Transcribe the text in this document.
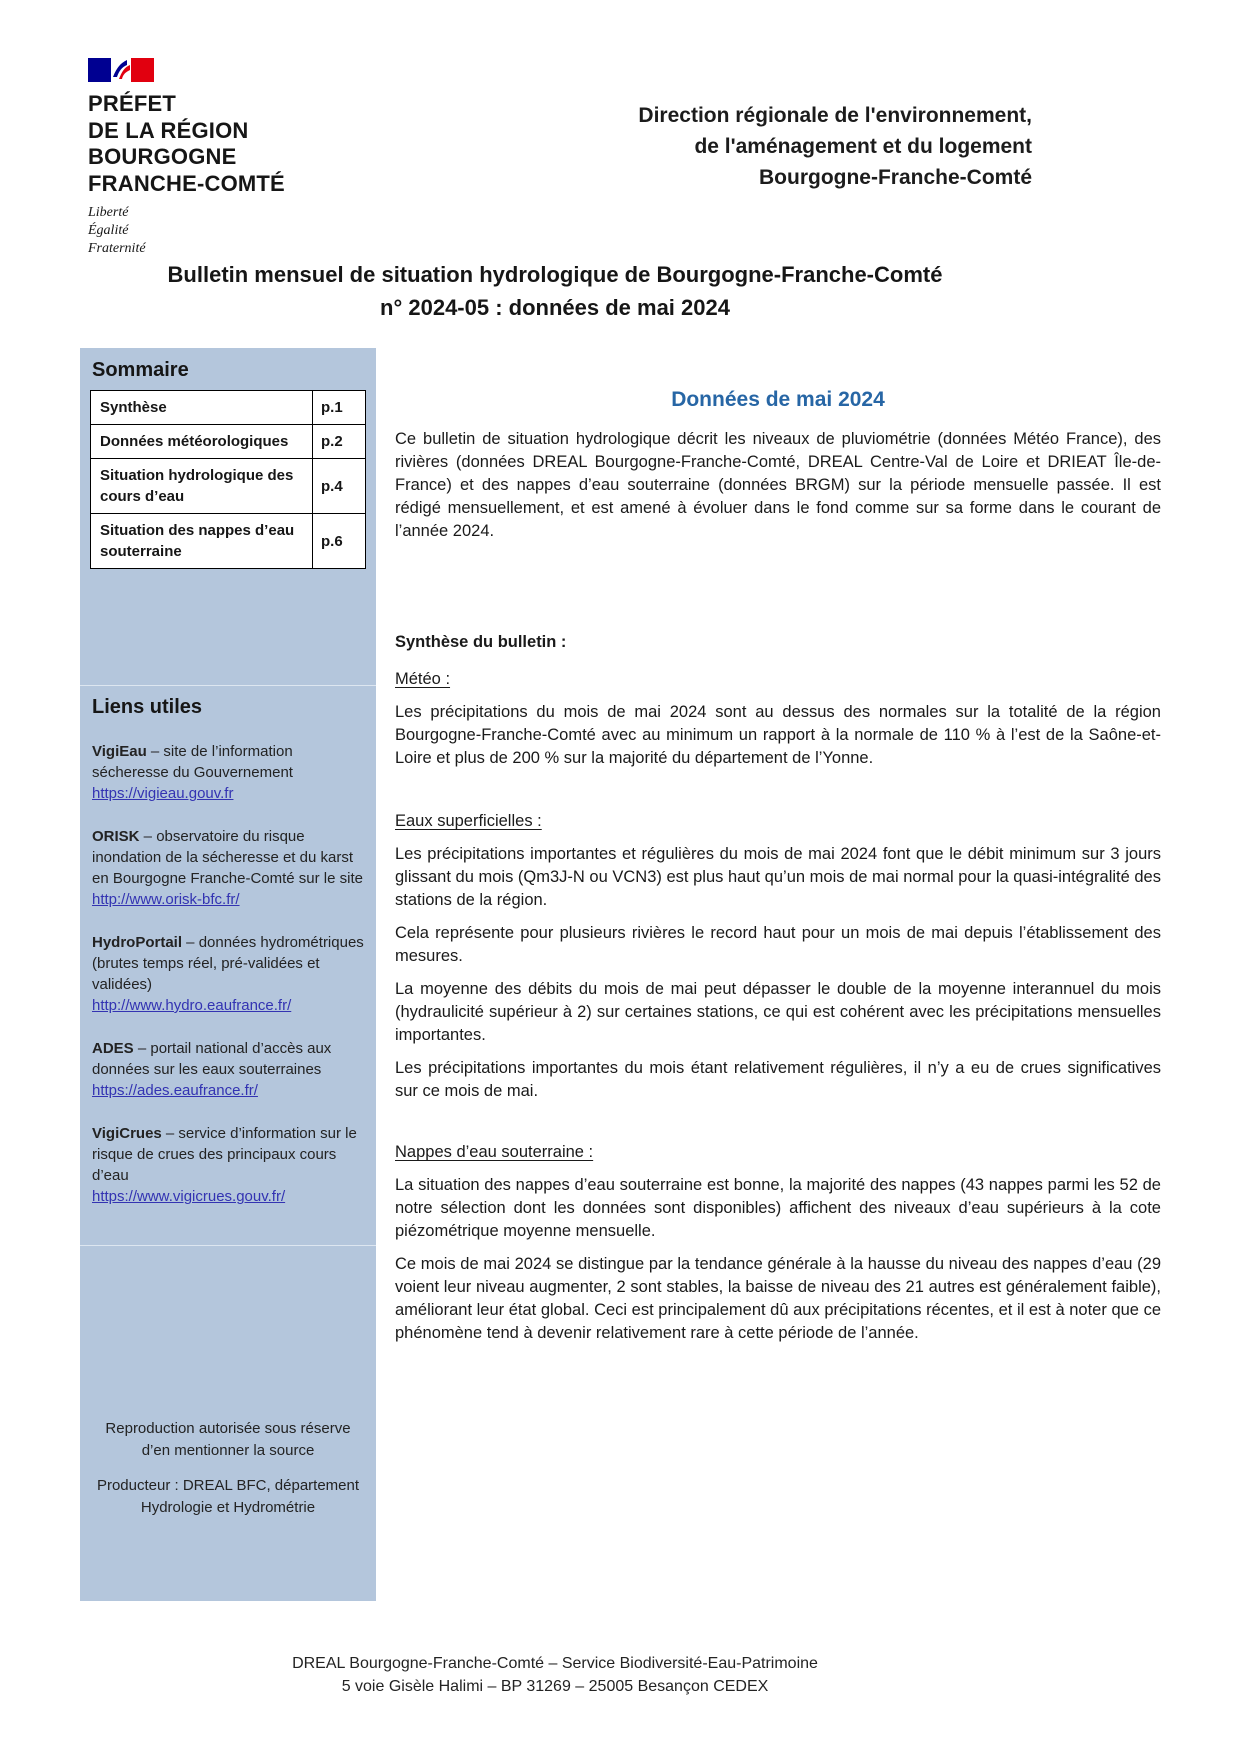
PRÉFET
DE LA RÉGION
BOURGOGNE
FRANCHE-COMTÉ
Liberté
Égalité
Fraternité
Direction régionale de l'environnement,
de l'aménagement et du logement
Bourgogne-Franche-Comté
Bulletin mensuel de situation hydrologique de Bourgogne-Franche-Comté
n° 2024-05 : données de mai 2024
Sommaire
Synthèse	p.1
Données météorologiques	p.2
Situation hydrologique des cours d’eau	p.4
Situation des nappes d’eau souterraine	p.6
Liens utiles
VigiEau – site de l’information sécheresse du Gouvernement
https://vigieau.gouv.fr
ORISK – observatoire du risque inondation de la sécheresse et du karst en Bourgogne Franche-Comté sur le site
http://www.orisk-bfc.fr/
HydroPortail – données hydrométriques (brutes temps réel, pré-validées et validées)
http://www.hydro.eaufrance.fr/
ADES – portail national d’accès aux données sur les eaux souterraines
https://ades.eaufrance.fr/
VigiCrues – service d’information sur le risque de crues des principaux cours d’eau
https://www.vigicrues.gouv.fr/
Reproduction autorisée sous réserve d’en mentionner la source
Producteur : DREAL BFC, département Hydrologie et Hydrométrie
Données de mai 2024

Ce bulletin de situation hydrologique décrit les niveaux de pluviométrie (données Météo France), des rivières (données DREAL Bourgogne-Franche-Comté, DREAL Centre-Val de Loire et DRIEAT Île-de-France) et des nappes d’eau souterraine (données BRGM) sur la période mensuelle passée. Il est rédigé mensuellement, et est amené à évoluer dans le fond comme sur sa forme dans le courant de l’année 2024.

Synthèse du bulletin :

Météo :

Les précipitations du mois de mai 2024 sont au dessus des normales sur la totalité de la région Bourgogne-Franche-Comté avec au minimum un rapport à la normale de 110 % à l’est de la Saône-et-Loire et plus de 200 % sur la majorité du département de l’Yonne.

Eaux superficielles :

Les précipitations importantes et régulières du mois de mai 2024 font que le débit minimum sur 3 jours glissant du mois (Qm3J-N ou VCN3) est plus haut qu’un mois de mai normal pour la quasi-intégralité des stations de la région.

Cela représente pour plusieurs rivières le record haut pour un mois de mai depuis l’établissement des mesures.

La moyenne des débits du mois de mai peut dépasser le double de la moyenne interannuel du mois (hydraulicité supérieur à 2) sur certaines stations, ce qui est cohérent avec les précipitations mensuelles importantes.

Les précipitations importantes du mois étant relativement régulières, il n’y a eu de crues significatives sur ce mois de mai.

Nappes d’eau souterraine :

La situation des nappes d’eau souterraine est bonne, la majorité des nappes (43 nappes parmi les 52 de notre sélection dont les données sont disponibles) affichent des niveaux d’eau supérieurs à la cote piézométrique moyenne mensuelle.

Ce mois de mai 2024 se distingue par la tendance générale à la hausse du niveau des nappes d’eau (29 voient leur niveau augmenter, 2 sont stables, la baisse de niveau des 21 autres est généralement faible), améliorant leur état global. Ceci est principalement dû aux précipitations récentes, et il est à noter que ce phénomène tend à devenir relativement rare à cette période de l’année.

DREAL Bourgogne-Franche-Comté – Service Biodiversité-Eau-Patrimoine
5 voie Gisèle Halimi – BP 31269 – 25005 Besançon CEDEX
